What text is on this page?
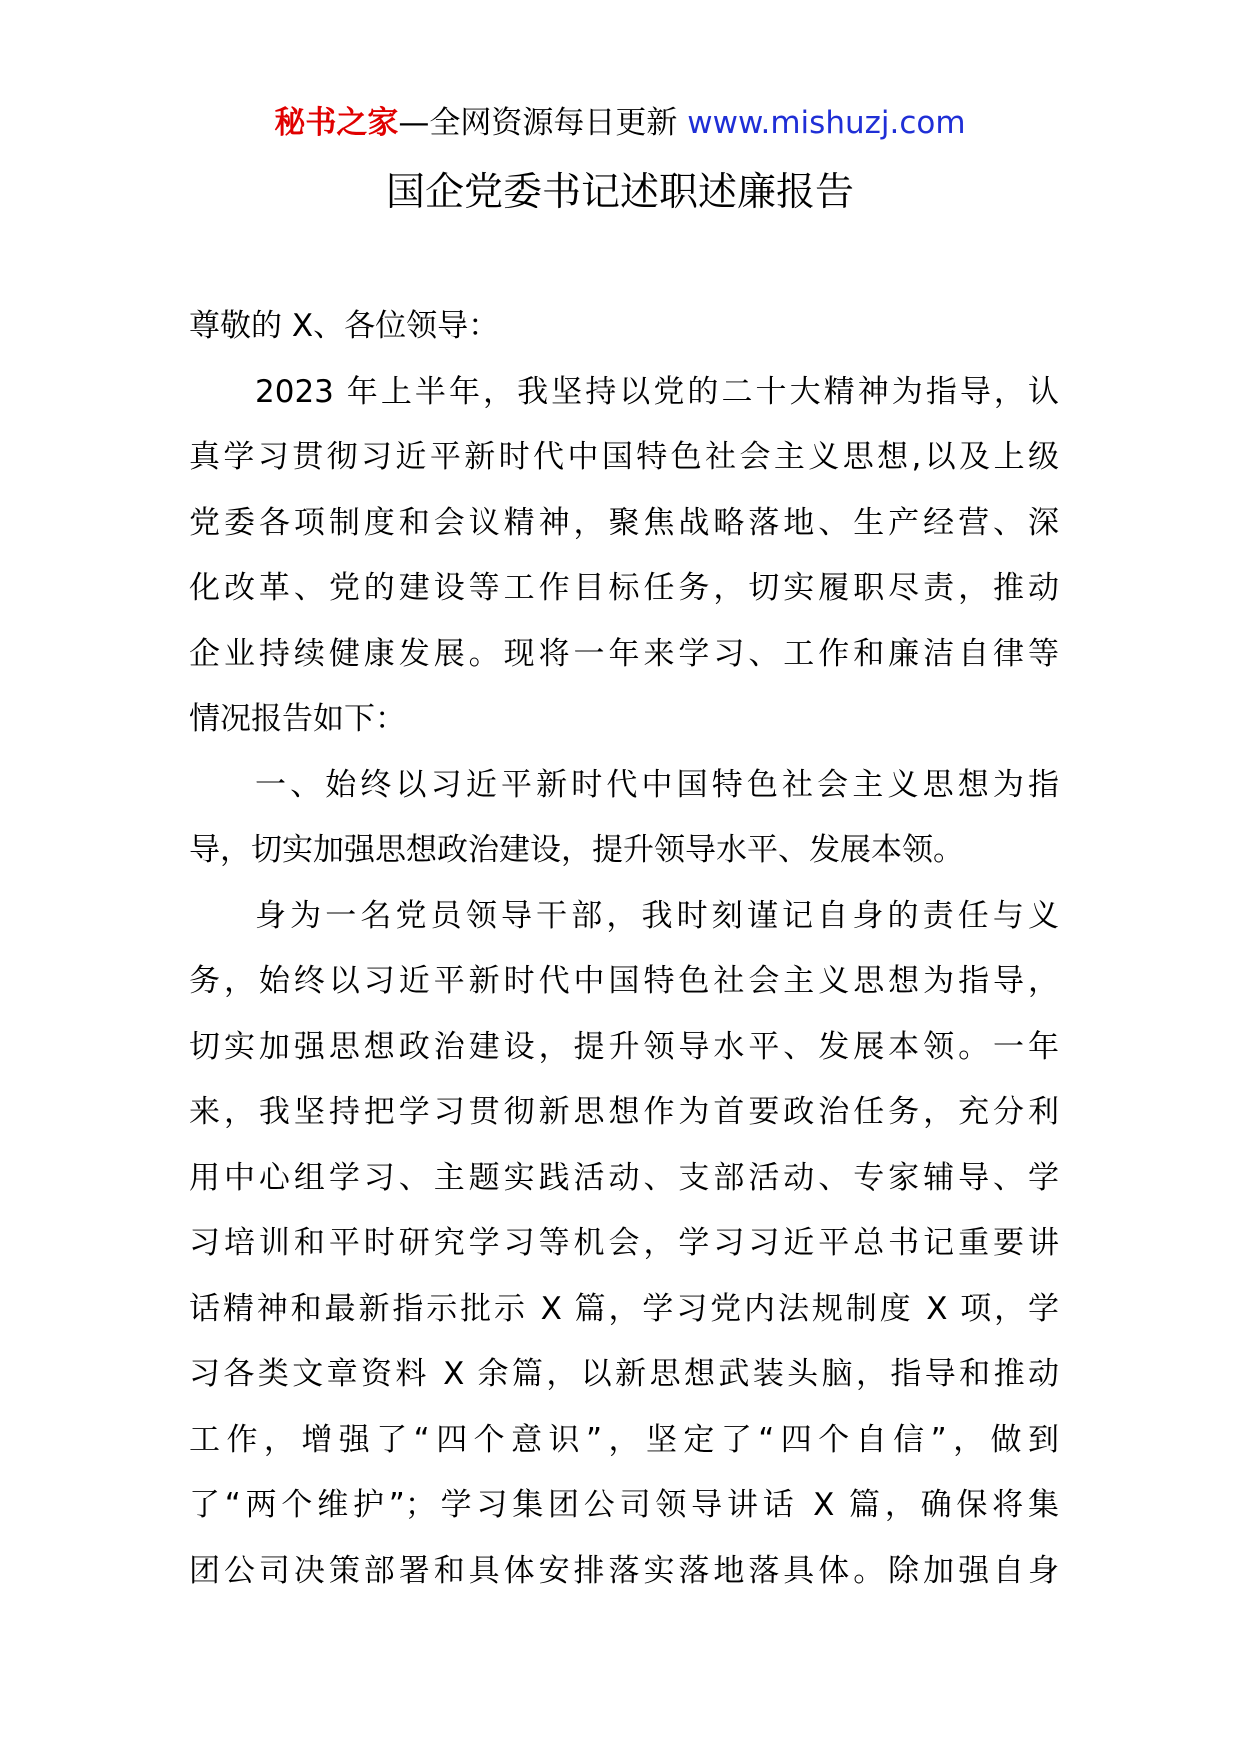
秘书之家—全网资源每日更新 www.mishuzj.com
国企党委书记述职述廉报告
尊敬的 X、各位领导：
2023 年上半年，我坚持以党的二十大精神为指导，认
真学习贯彻习近平新时代中国特色社会主义思想,以及上级
党委各项制度和会议精神，聚焦战略落地、生产经营、深
化改革、党的建设等工作目标任务，切实履职尽责，推动
企业持续健康发展。现将一年来学习、工作和廉洁自律等
情况报告如下：
一、始终以习近平新时代中国特色社会主义思想为指
导，切实加强思想政治建设，提升领导水平、发展本领。
身为一名党员领导干部，我时刻谨记自身的责任与义
务，始终以习近平新时代中国特色社会主义思想为指导，
切实加强思想政治建设，提升领导水平、发展本领。一年
来，我坚持把学习贯彻新思想作为首要政治任务，充分利
用中心组学习、主题实践活动、支部活动、专家辅导、学
习培训和平时研究学习等机会，学习习近平总书记重要讲
话精神和最新指示批示 X 篇，学习党内法规制度 X 项，学
习各类文章资料 X 余篇，以新思想武装头脑，指导和推动
工作，增强了“四个意识”，坚定了“四个自信”，做到
了“两个维护”；学习集团公司领导讲话 X 篇，确保将集
团公司决策部署和具体安排落实落地落具体。除加强自身
